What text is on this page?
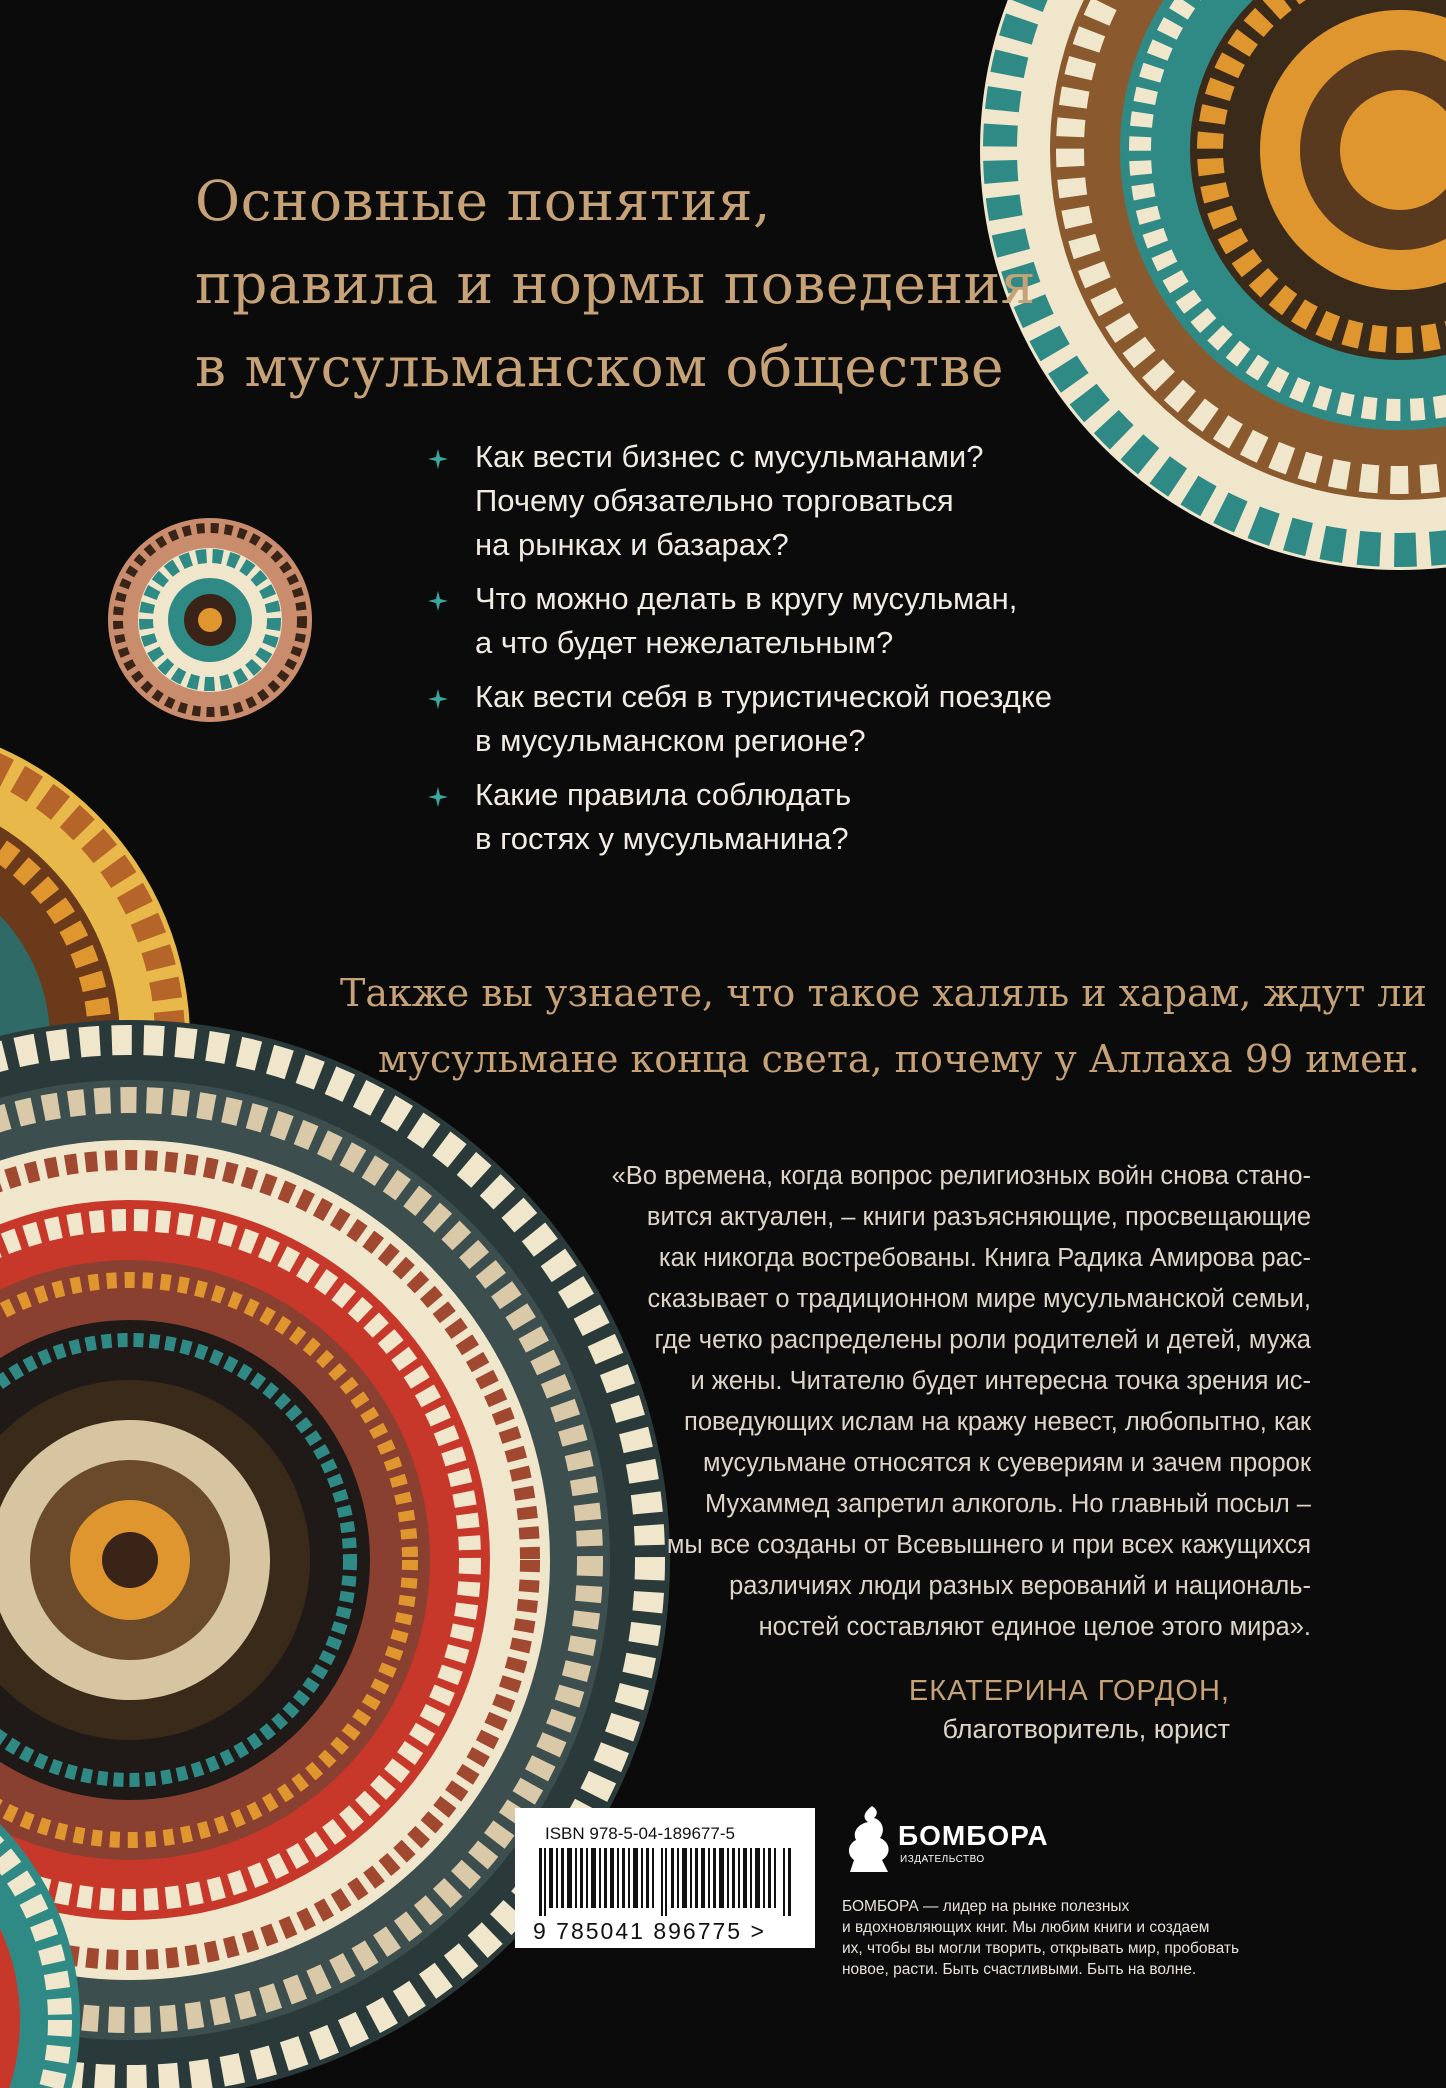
Основные понятия,
правила и нормы поведения
в мусульманском обществе
Как вести бизнес с мусульманами?
Почему обязательно торговаться
на рынках и базарах?
Что можно делать в кругу мусульман,
а что будет нежелательным?
Как вести себя в туристической поездке
в мусульманском регионе?
Какие правила соблюдать
в гостях у мусульманина?
Также вы узнаете, что такое халяль и харам, ждут ли
мусульмане конца света, почему у Аллаха 99 имен.
«Во времена, когда вопрос религиозных войн снова стано-
вится актуален, – книги разъясняющие, просвещающие
как никогда востребованы. Книга Радика Амирова рас-
сказывает о традиционном мире мусульманской семьи,
где четко распределены роли родителей и детей, мужа
и жены. Читателю будет интересна точка зрения ис-
поведующих ислам на кражу невест, любопытно, как
мусульмане относятся к суевериям и зачем пророк
Мухаммед запретил алкоголь. Но главный посыл –
мы все созданы от Всевышнего и при всех кажущихся
различиях люди разных верований и националь-
ностей составляют единое целое этого мира».
ЕКАТЕРИНА ГОРДОН,
благотворитель, юрист
ISBN 978-5-04-189677-5
9 785041 896775 >
БОМБОРА
ИЗДАТЕЛЬСТВО
БОМБОРА — лидер на рынке полезных
и вдохновляющих книг. Мы любим книги и создаем
их, чтобы вы могли творить, открывать мир, пробовать
новое, расти. Быть счастливыми. Быть на волне.
